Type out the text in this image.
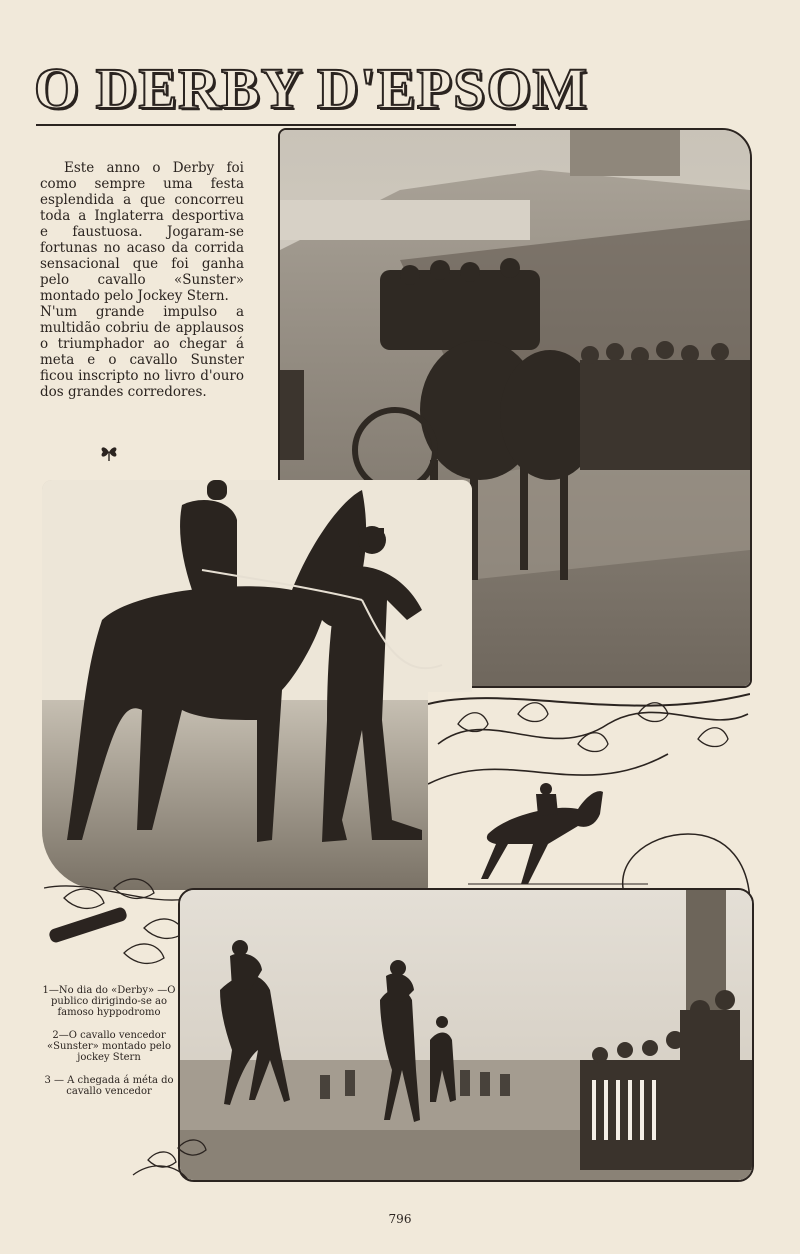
O DERBY D'EPSOM

Este anno o Derby foi como sempre uma festa esplendida a que concorreu toda a Inglaterra desportiva e faustuosa. Jogaram-se fortunas no acaso da corrida sensacional que foi ganha pelo cavallo «Sunster» montado pelo Jockey Stern.

N'um grande impulso a multidão cobriu de applausos o triumphador ao chegar á meta e o cavallo Sunster ficou inscripto no livro d'ouro dos grandes corredores.

1—No dia do «Derby» —O publico dirigindo-se ao famoso hyppodromo

2—O cavallo vencedor «Sunster» montado pelo jockey Stern

3 — A chegada á méta do cavallo vencedor

796
